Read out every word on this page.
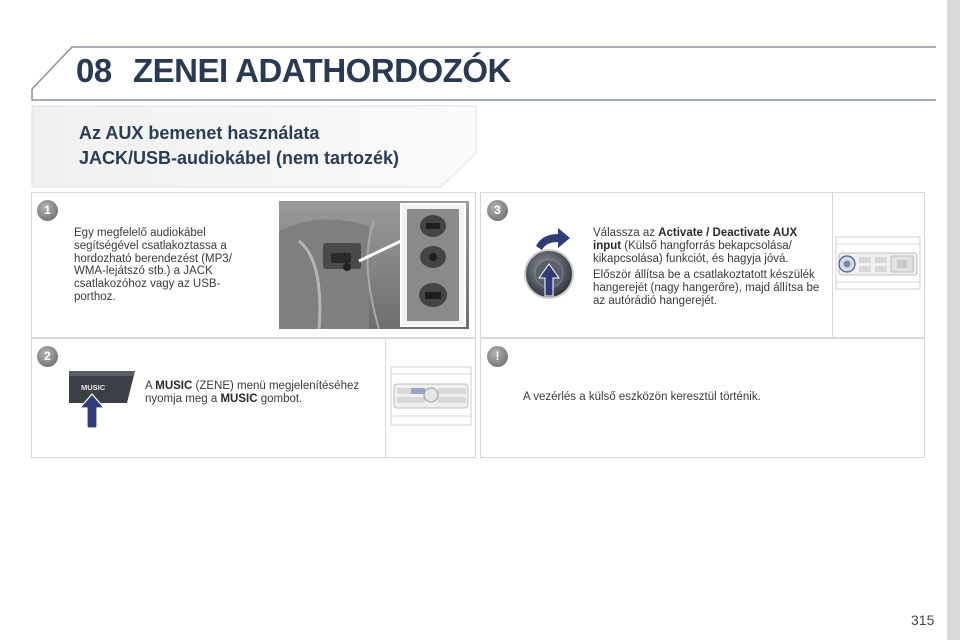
08 ZENEI ADATHORDOZÓK
Az AUX bemenet használata
JACK/USB-audiokábel (nem tartozék)
1
Egy megfelelő audiokábel segítségével csatlakoztassa a hordozható berendezést (MP3/ WMA-lejátszó stb.) a JACK csatlakozóhoz vagy az USB-porthoz.
2
MUSIC	A MUSIC (ZENE) menü megjelenítéséhez nyomja meg a MUSIC gombot.
3
Válassza az Activate / Deactivate AUX input (Külső hangforrás bekapcsolása/ kikapcsolása) funkciót, és hagyja jóvá.
Először állítsa be a csatlakoztatott készülék hangerejét (nagy hangerőre), majd állítsa be az autórádió hangerejét.
!
A vezérlés a külső eszközön keresztül történik.
315
